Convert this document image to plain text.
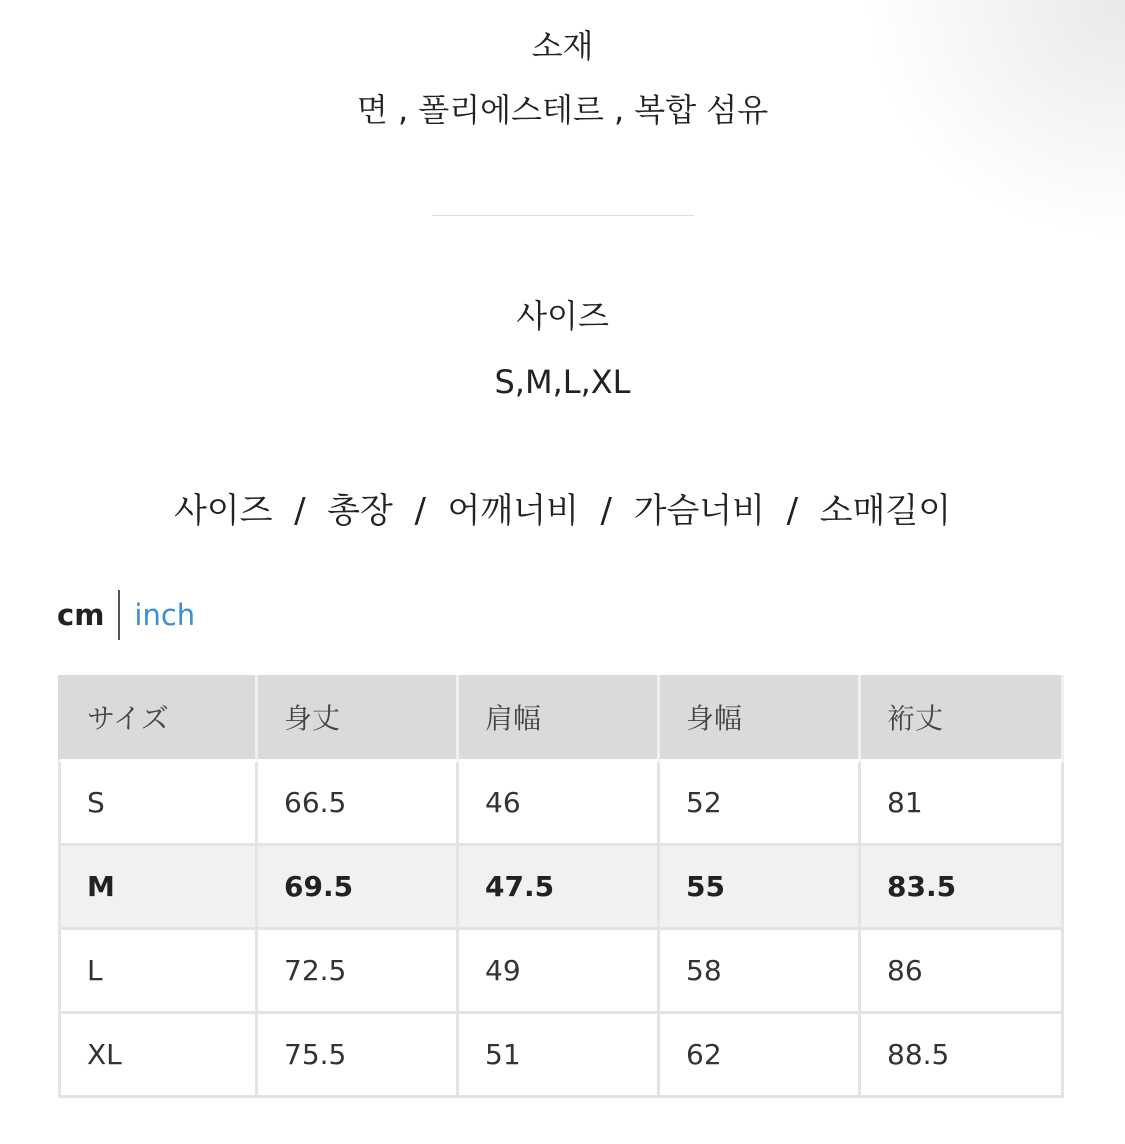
소재
면 , 폴리에스테르 , 복합 섬유
사이즈
S,M,L,XL
사이즈  /  총장  /  어깨너비  /  가슴너비  /  소매길이
cm inch
サイズ	身丈	肩幅	身幅	裄丈
S	66.5	46	52	81
M	69.5	47.5	55	83.5
L	72.5	49	58	86
XL	75.5	51	62	88.5
